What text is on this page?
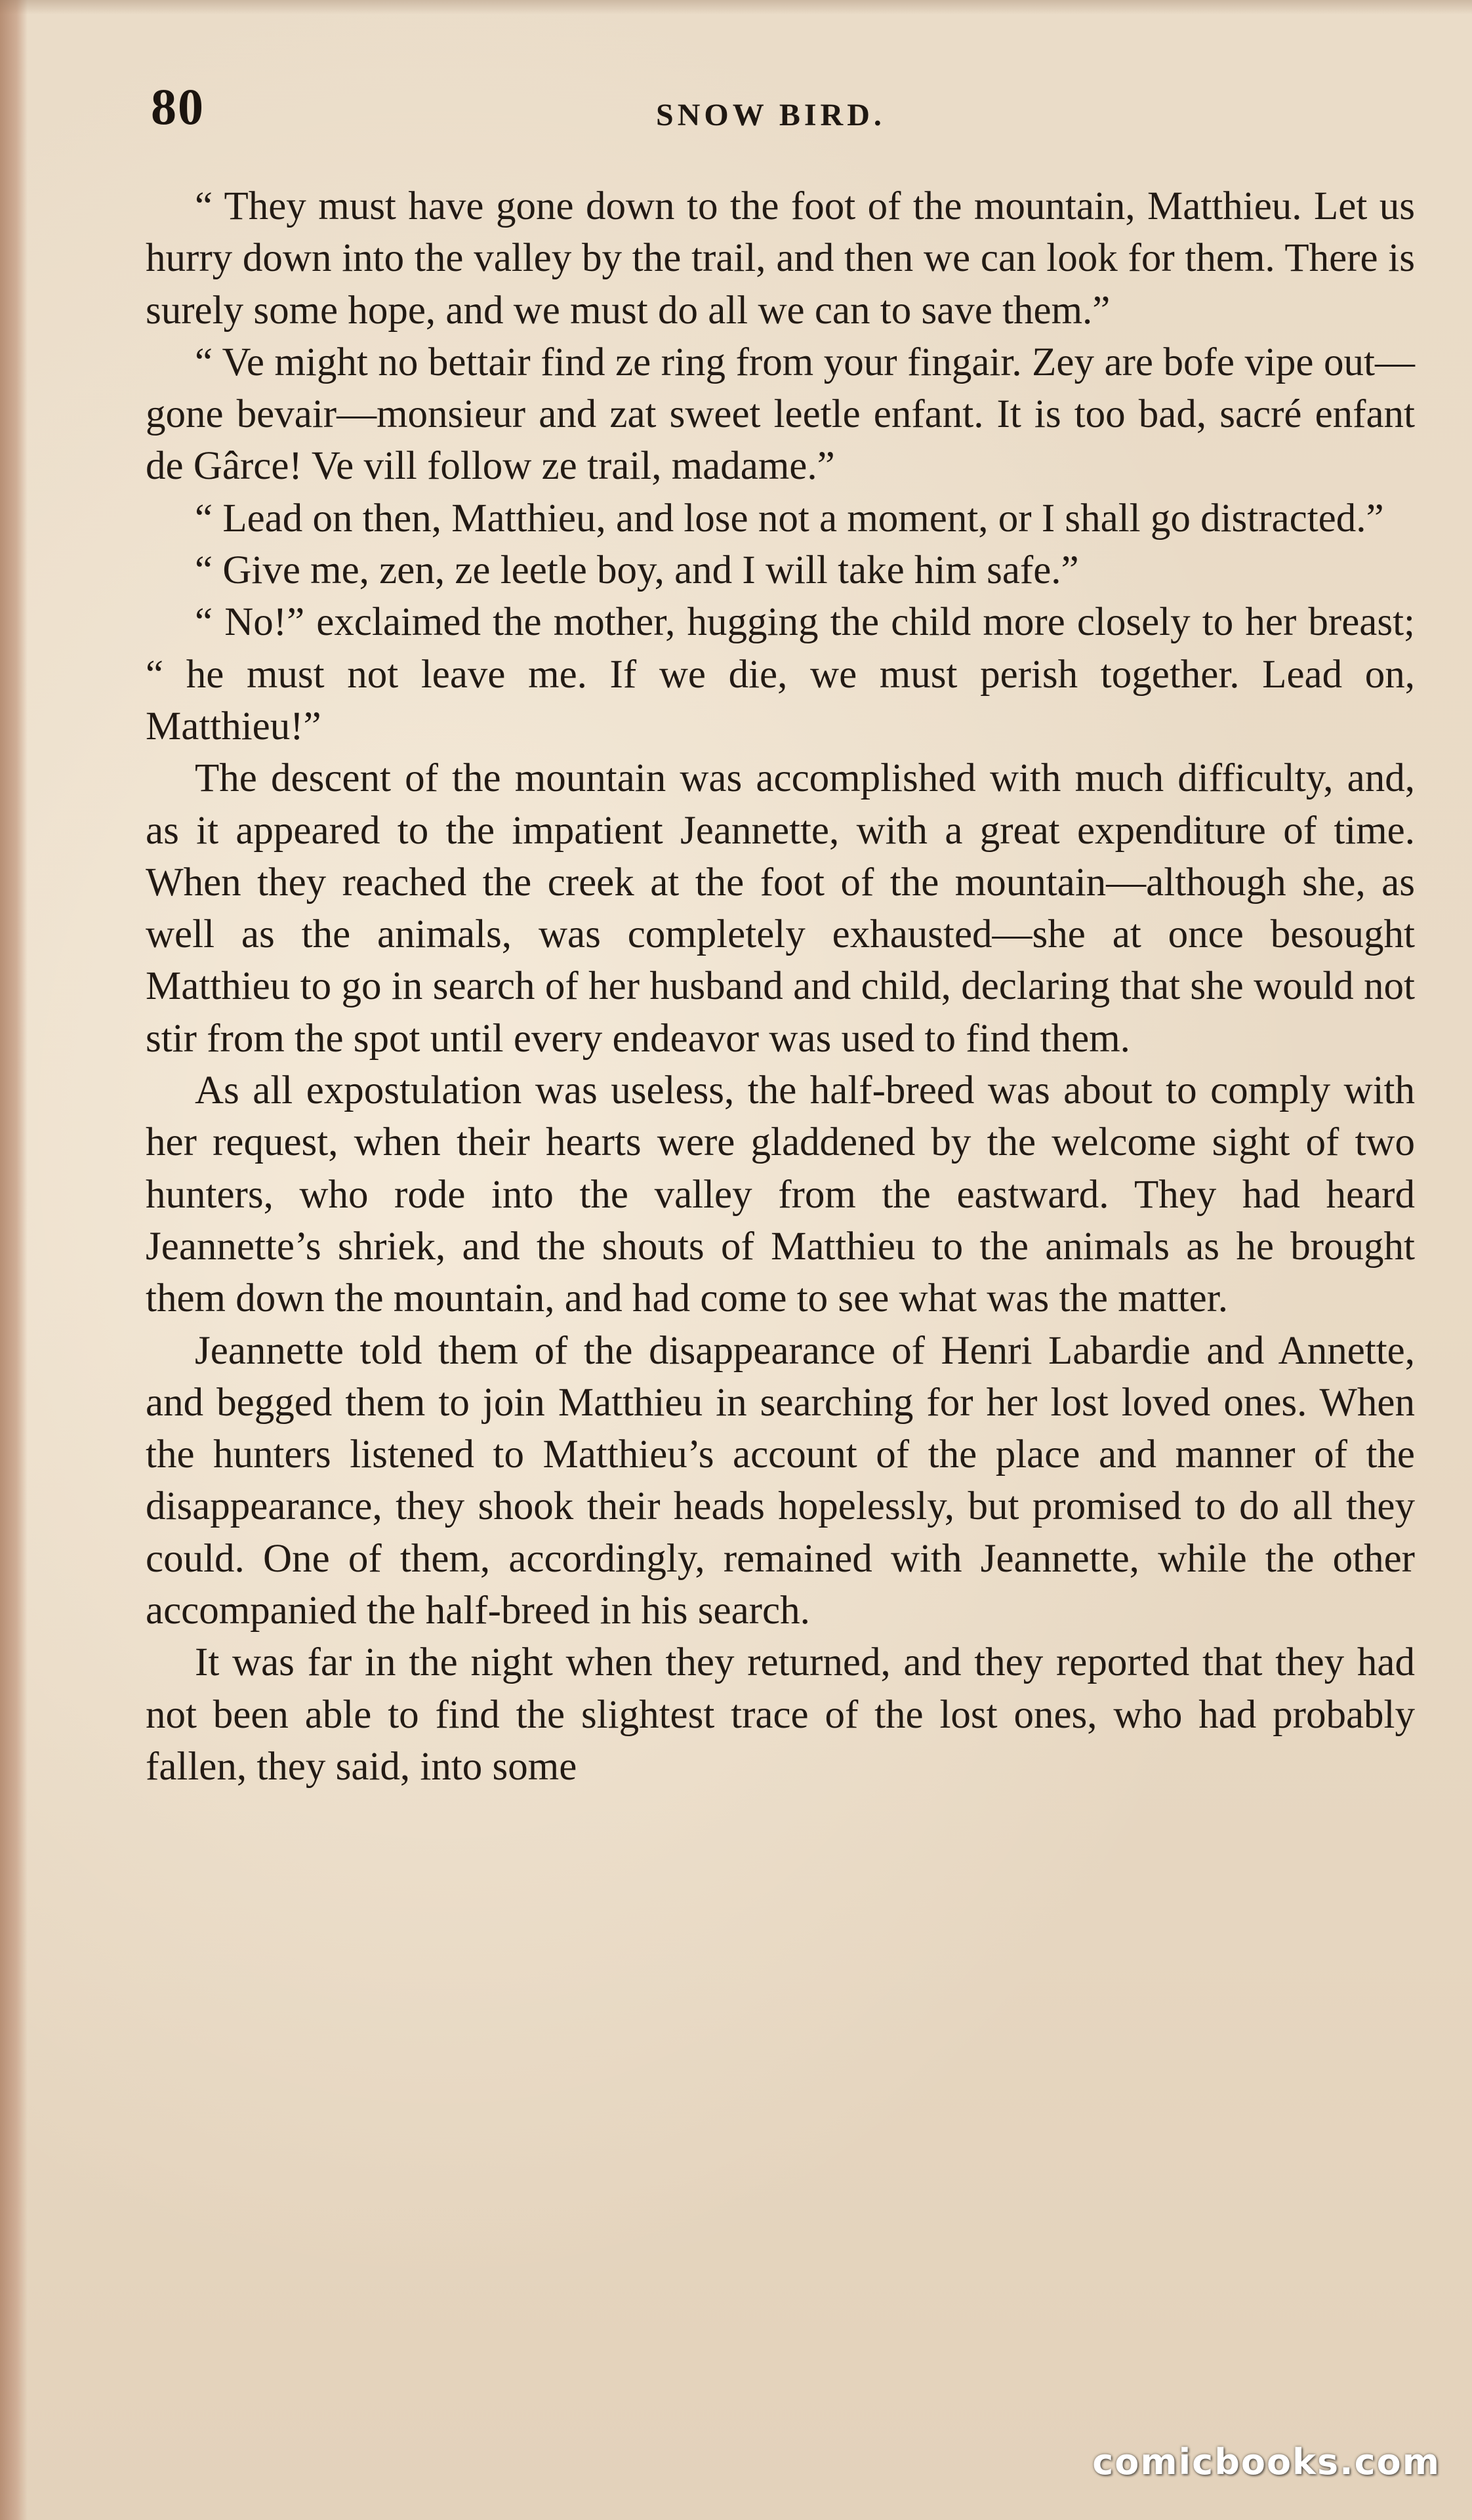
80	SNOW BIRD.

“ They must have gone down to the foot of the mountain, Matthieu. Let us hurry down into the valley by the trail, and then we can look for them. There is surely some hope, and we must do all we can to save them.”

“ Ve might no bettair find ze ring from your fingair. Zey are bofe vipe out—gone bevair—monsieur and zat sweet leetle enfant. It is too bad, sacré enfant de Gârce! Ve vill follow ze trail, madame.”

“ Lead on then, Matthieu, and lose not a moment, or I shall go distracted.”

“ Give me, zen, ze leetle boy, and I will take him safe.”

“ No!” exclaimed the mother, hugging the child more closely to her breast; “ he must not leave me. If we die, we must perish together. Lead on, Matthieu!”

The descent of the mountain was accomplished with much difficulty, and, as it appeared to the impatient Jeannette, with a great expenditure of time. When they reached the creek at the foot of the mountain—although she, as well as the animals, was completely exhausted—she at once besought Matthieu to go in search of her husband and child, declaring that she would not stir from the spot until every endeavor was used to find them.

As all expostulation was useless, the half-breed was about to comply with her request, when their hearts were gladdened by the welcome sight of two hunters, who rode into the valley from the eastward. They had heard Jeannette’s shriek, and the shouts of Matthieu to the animals as he brought them down the mountain, and had come to see what was the matter.

Jeannette told them of the disappearance of Henri Labardie and Annette, and begged them to join Matthieu in searching for her lost loved ones. When the hunters listened to Matthieu’s account of the place and manner of the disappearance, they shook their heads hopelessly, but promised to do all they could. One of them, accordingly, remained with Jeannette, while the other accompanied the half-breed in his search.

It was far in the night when they returned, and they reported that they had not been able to find the slightest trace of the lost ones, who had probably fallen, they said, into some

comicbooks.com
